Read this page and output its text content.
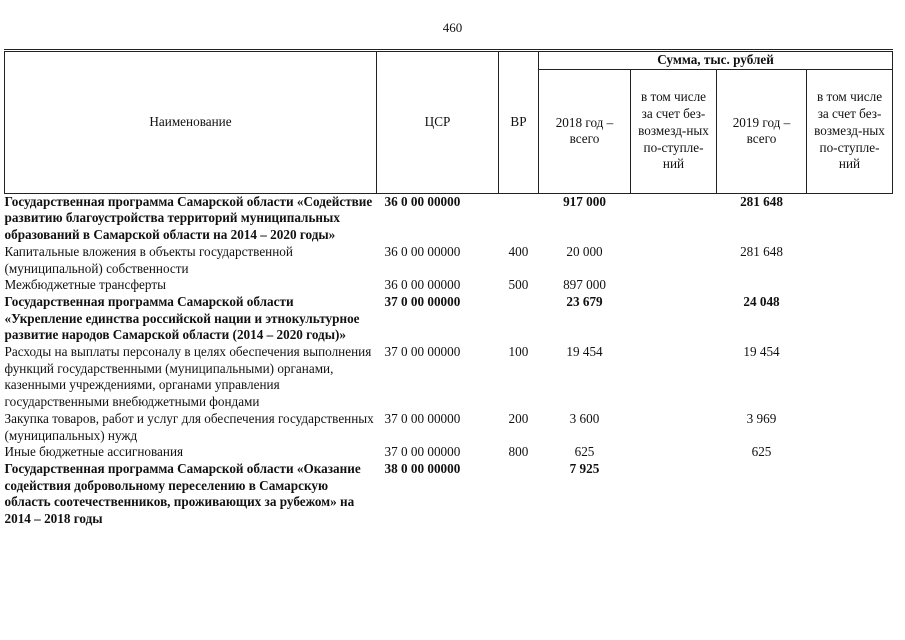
460
Наименование	ЦСР	ВР	Сумма, тыс. рублей			
			2018 год – всего	в том числе за счет без-возмезд-ных по-ступле-ний	2019 год – всего	в том числе за счет без-возмезд-ных по-ступле-ний
Государственная программа Самарской области «Содействие развитию благоустройства территорий муниципальных образований в Самарской области на 2014 – 2020 годы»	36 0 00 00000		917 000		281 648	
Капитальные вложения в объекты государственной (муниципальной) собственности	36 0 00 00000	400	20 000		281 648	
Межбюджетные трансферты	36 0 00 00000	500	897 000			
Государственная программа Самарской области «Укрепление единства российской нации и этнокультурное развитие народов Самарской области (2014 – 2020 годы)»	37 0 00 00000		23 679		24 048	
Расходы на выплаты персоналу в целях обеспечения выполнения функций государственными (муниципальными) органами, казенными учреждениями, органами управления государственными внебюджетными фондами	37 0 00 00000	100	19 454		19 454	
Закупка товаров, работ и услуг для обеспечения государственных (муниципальных) нужд	37 0 00 00000	200	3 600		3 969	
Иные бюджетные ассигнования	37 0 00 00000	800	625		625	
Государственная программа Самарской области «Оказание содействия добровольному переселению в Самарскую область соотечественников, проживающих за рубежом» на 2014 – 2018 годы	38 0 00 00000		7 925			
